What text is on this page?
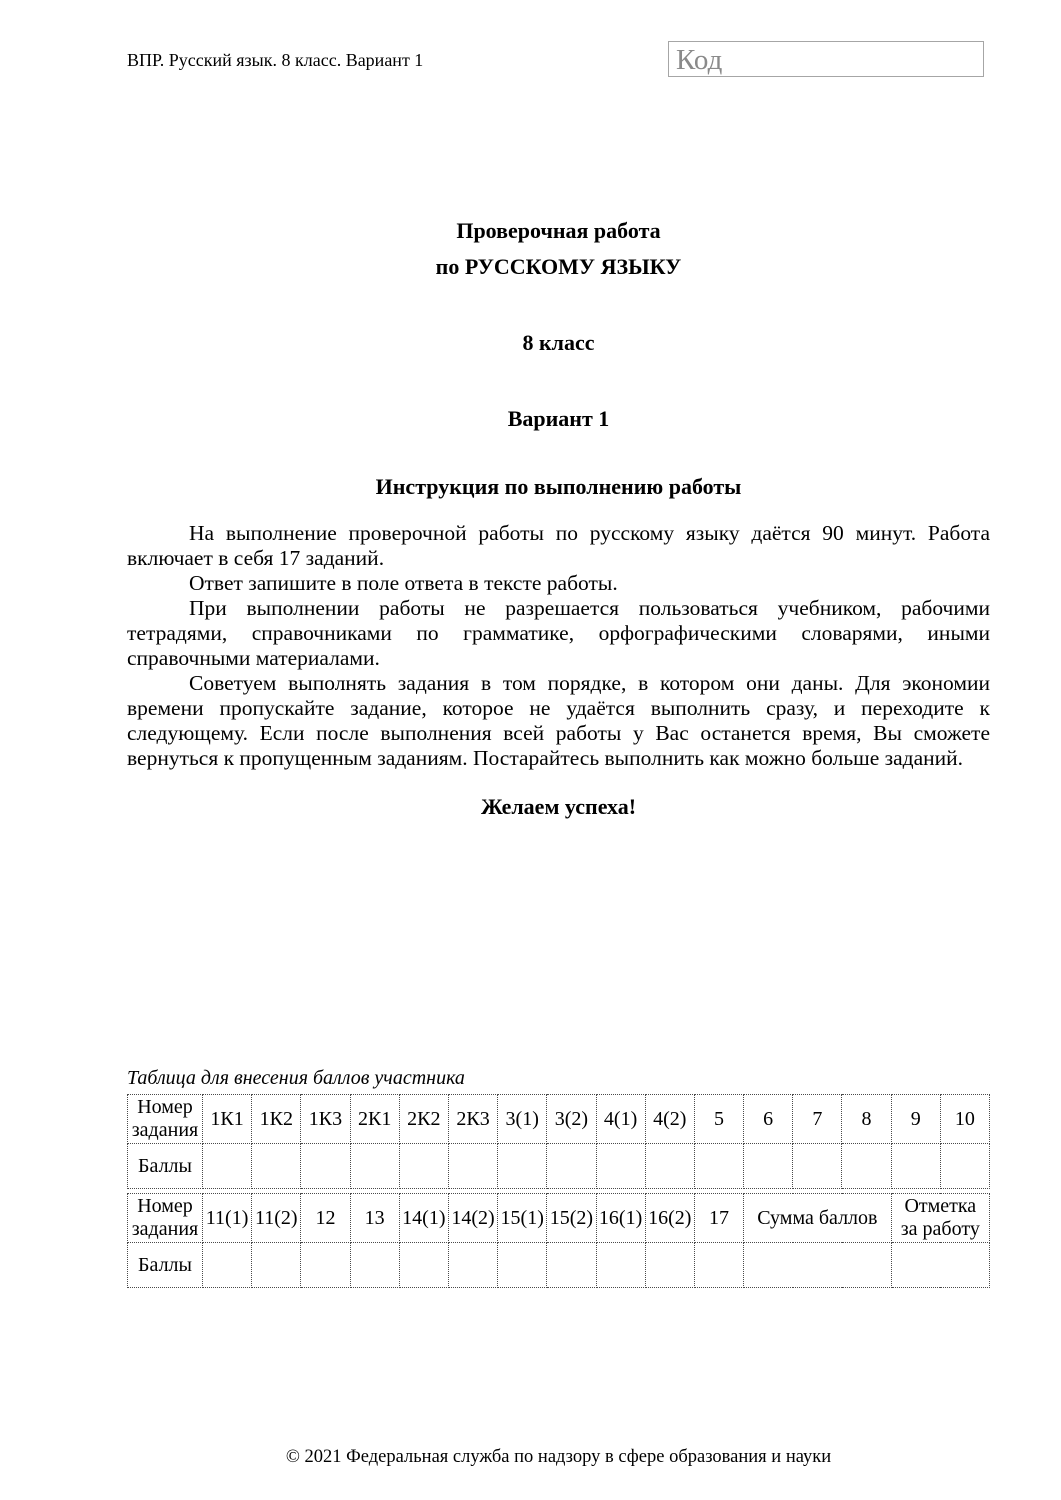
ВПР. Русский язык. 8 класс. Вариант 1	Код
Проверочная работа
по РУССКОМУ ЯЗЫКУ
8 класс
Вариант 1
Инструкция по выполнению работы

На выполнение проверочной работы по русскому языку даётся 90 минут. Работа включает в себя 17 заданий.

Ответ запишите в поле ответа в тексте работы.

При выполнении работы не разрешается пользоваться учебником, рабочими тетрадями, справочниками по грамматике, орфографическими словарями, иными справочными материалами.

Советуем выполнять задания в том порядке, в котором они даны. Для экономии времени пропускайте задание, которое не удаётся выполнить сразу, и переходите к следующему. Если после выполнения всей работы у Вас останется время, Вы сможете вернуться к пропущенным заданиям. Постарайтесь выполнить как можно больше заданий.

Желаем успеха!
Таблица для внесения баллов участника
Номер задания	1К1	1К2	1К3	2К1	2К2	2К3	3(1)	3(2)	4(1)	4(2)	5	6	7	8	9	10
Баллы																
Номер задания	11(1)	11(2)	12	13	14(1)	14(2)	15(1)	15(2)	16(1)	16(2)	17	Сумма баллов	Отметка за работу
Баллы													
© 2021 Федеральная служба по надзору в сфере образования и науки
